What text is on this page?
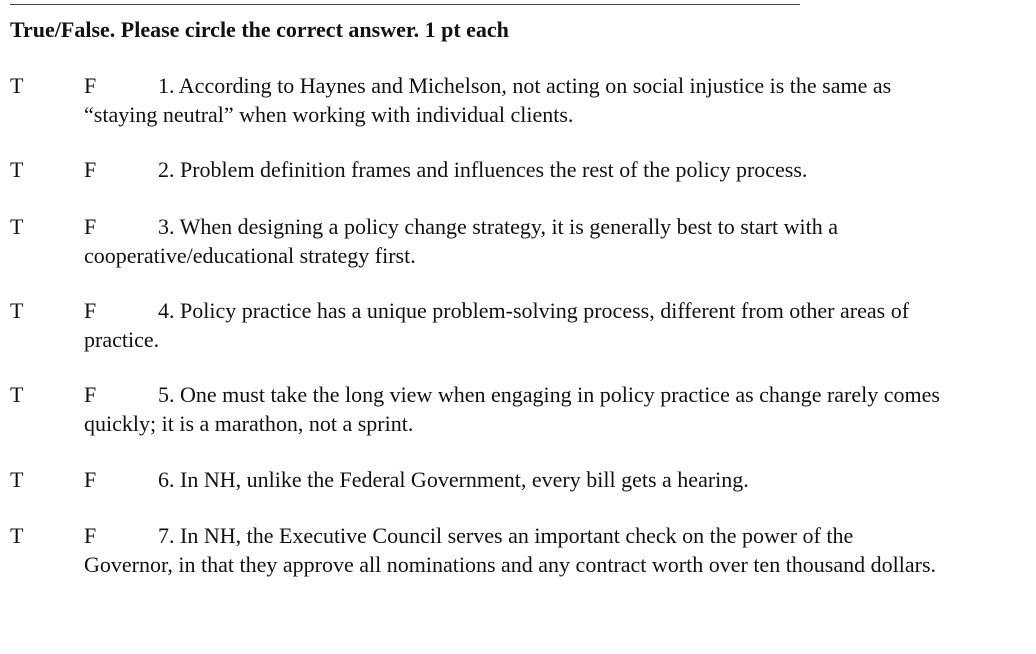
True/False. Please circle the correct answer. 1 pt each
T	F	1. According to Haynes and Michelson, not acting on social injustice is the same as “staying neutral” when working with individual clients.
T	F	2. Problem definition frames and influences the rest of the policy process.
T	F	3. When designing a policy change strategy, it is generally best to start with a cooperative/educational strategy first.
T	F	4. Policy practice has a unique problem-solving process, different from other areas of practice.
T	F	5. One must take the long view when engaging in policy practice as change rarely comes quickly; it is a marathon, not a sprint.
T	F	6. In NH, unlike the Federal Government, every bill gets a hearing.
T	F	7. In NH, the Executive Council serves an important check on the power of the Governor, in that they approve all nominations and any contract worth over ten thousand dollars.
